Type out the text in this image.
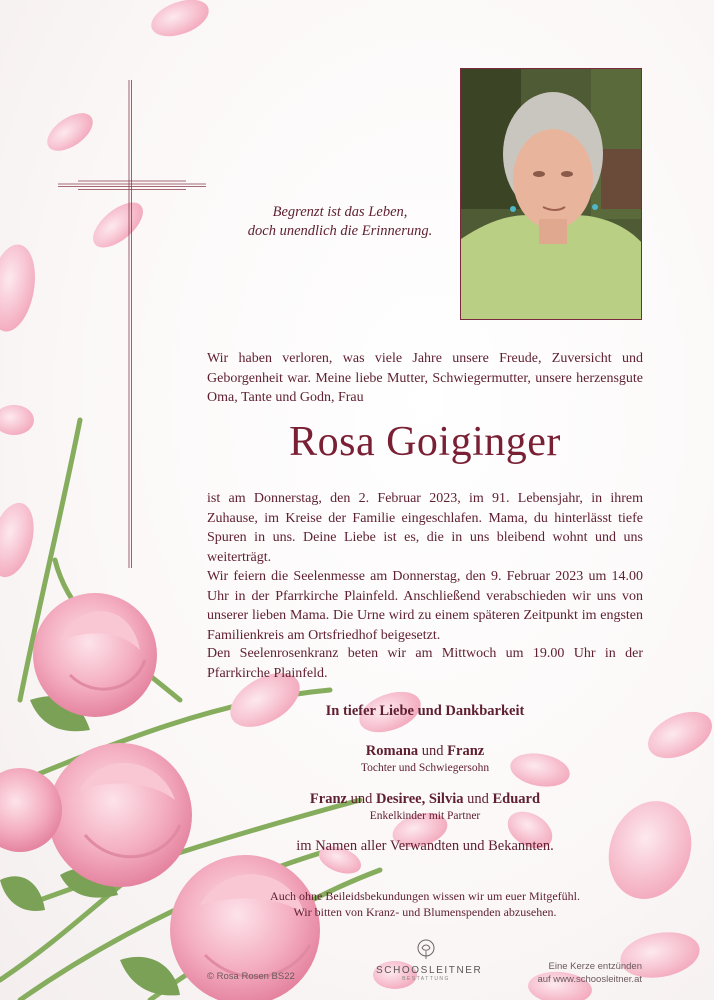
Begrenzt ist das Leben,
doch unendlich die Erinnerung.

Wir haben verloren, was viele Jahre unsere Freude, Zuversicht und Geborgenheit war. Meine liebe Mutter, Schwiegermutter, unsere herzensgute Oma, Tante und Godn, Frau

Rosa Goiginger

ist am Donnerstag, den 2. Februar 2023, im 91. Lebensjahr, in ihrem Zuhause, im Kreise der Familie eingeschlafen. Mama, du hinterlässt tiefe Spuren in uns. Deine Liebe ist es, die in uns bleibend wohnt und uns weiterträgt.

Wir feiern die Seelenmesse am Donnerstag, den 9. Februar 2023 um 14.00 Uhr in der Pfarrkirche Plainfeld. Anschließend verabschieden wir uns von unserer lieben Mama. Die Urne wird zu einem späteren Zeitpunkt im engsten Familienkreis am Ortsfriedhof beigesetzt.

Den Seelenrosenkranz beten wir am Mittwoch um 19.00 Uhr in der Pfarrkirche Plainfeld.

In tiefer Liebe und Dankbarkeit
Romana und Franz
Tochter und Schwiegersohn
Franz und Desiree, Silvia und Eduard
Enkelkinder mit Partner
im Namen aller Verwandten und Bekannten.
Auch ohne Beileidsbekundungen wissen wir um euer Mitgefühl.
Wir bitten von Kranz- und Blumenspenden abzusehen.
© Rosa Rosen BS22
SCHOOSLEITNER
BESTATTUNG
Eine Kerze entzünden
auf www.schoosleitner.at
